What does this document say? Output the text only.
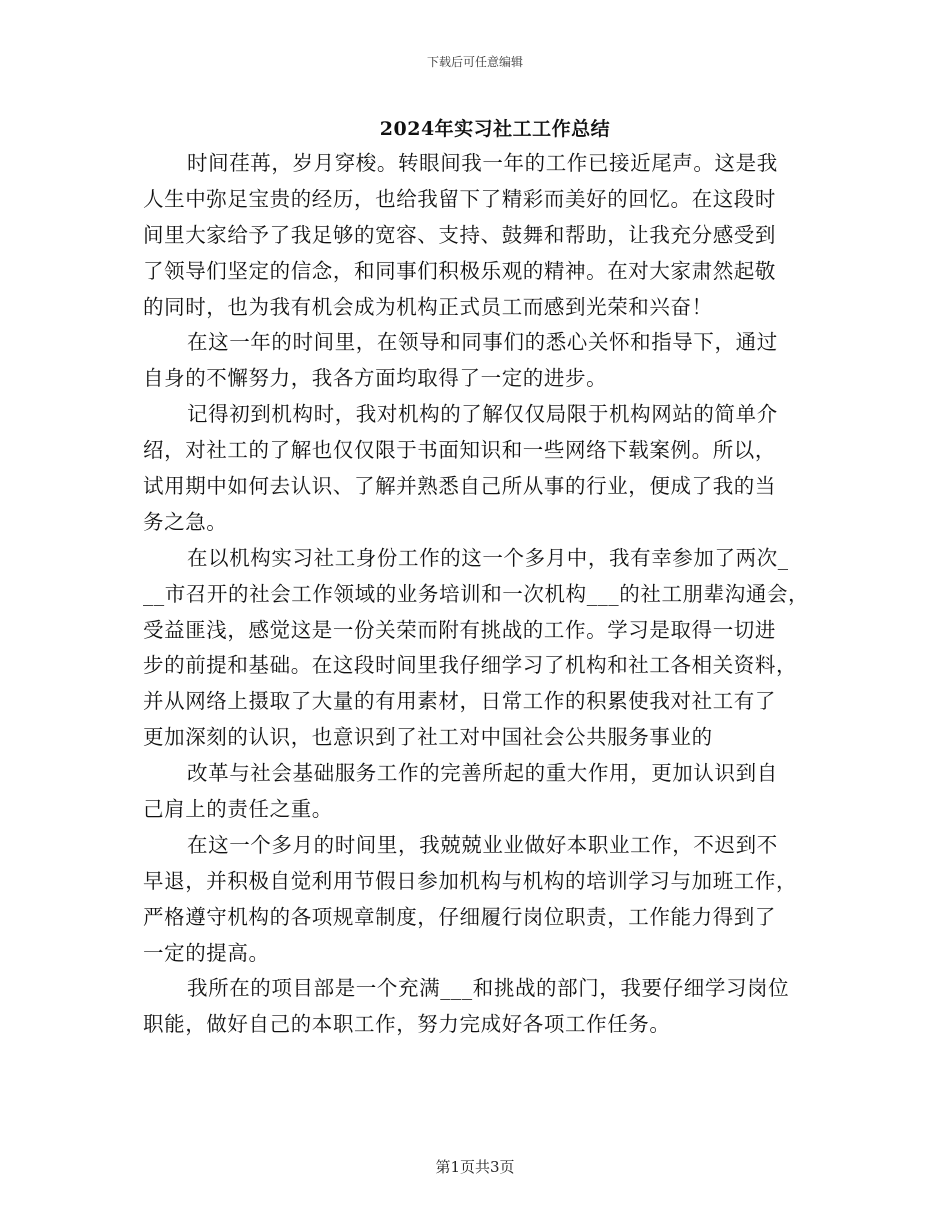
下载后可任意编辑
2024年实习社工工作总结
时间荏苒，岁月穿梭。转眼间我一年的工作已接近尾声。这是我
人生中弥足宝贵的经历，也给我留下了精彩而美好的回忆。在这段时
间里大家给予了我足够的宽容、支持、鼓舞和帮助，让我充分感受到
了领导们坚定的信念，和同事们积极乐观的精神。在对大家肃然起敬
的同时，也为我有机会成为机构正式员工而感到光荣和兴奋！
在这一年的时间里，在领导和同事们的悉心关怀和指导下，通过
自身的不懈努力，我各方面均取得了一定的进步。
记得初到机构时，我对机构的了解仅仅局限于机构网站的简单介
绍，对社工的了解也仅仅限于书面知识和一些网络下载案例。所以，
试用期中如何去认识、了解并熟悉自己所从事的行业，便成了我的当
务之急。
在以机构实习社工身份工作的这一个多月中，我有幸参加了两次_
__市召开的社会工作领域的业务培训和一次机构___的社工朋辈沟通会，
受益匪浅，感觉这是一份关荣而附有挑战的工作。学习是取得一切进
步的前提和基础。在这段时间里我仔细学习了机构和社工各相关资料，
并从网络上摄取了大量的有用素材，日常工作的积累使我对社工有了
更加深刻的认识，也意识到了社工对中国社会公共服务事业的
改革与社会基础服务工作的完善所起的重大作用，更加认识到自
己肩上的责任之重。
在这一个多月的时间里，我兢兢业业做好本职业工作，不迟到不
早退，并积极自觉利用节假日参加机构与机构的培训学习与加班工作，
严格遵守机构的各项规章制度，仔细履行岗位职责，工作能力得到了
一定的提高。
我所在的项目部是一个充满___和挑战的部门，我要仔细学习岗位
职能，做好自己的本职工作，努力完成好各项工作任务。
第1页共3页
